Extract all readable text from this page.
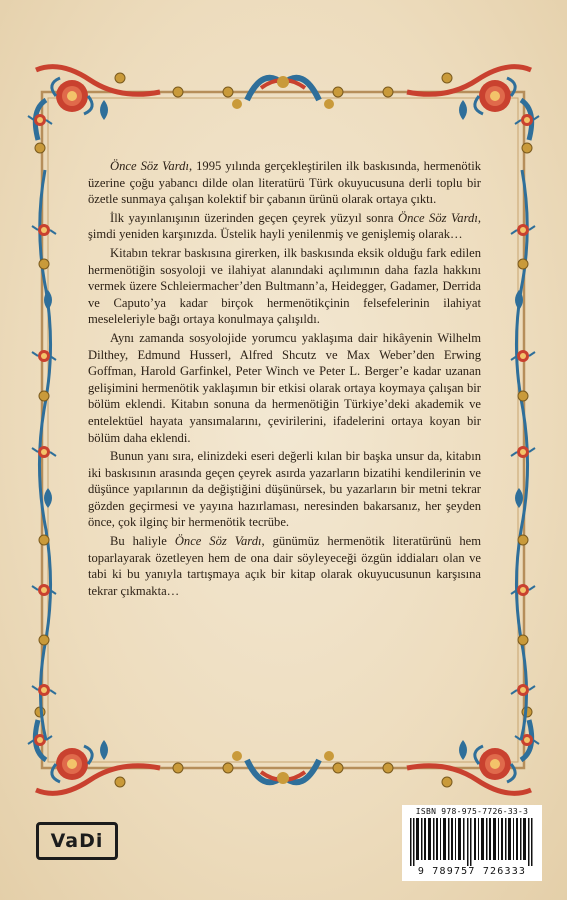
Önce Söz Vardı, 1995 yılında gerçekleştirilen ilk baskısında, hermenötik üzerine çoğu yabancı dilde olan literatürü Türk okuyucusuna derli toplu bir özetle sunmaya çalışan kolektif bir çabanın ürünü olarak ortaya çıktı.

İlk yayınlanışının üzerinden geçen çeyrek yüzyıl sonra Önce Söz Vardı, şimdi yeniden karşınızda. Üstelik hayli yenilenmiş ve genişlemiş olarak…

Kitabın tekrar baskısına girerken, ilk baskısında eksik olduğu fark edilen hermenötiğin sosyoloji ve ilahiyat alanındaki açılımının daha fazla hakkını vermek üzere Schleiermacher’den Bultmann’a, Heidegger, Gadamer, Derrida ve Caputo’ya kadar birçok hermenötikçinin felsefelerinin ilahiyat meseleleriyle bağı ortaya konulmaya çalışıldı.

Aynı zamanda sosyolojide yorumcu yaklaşıma dair hikâyenin Wilhelm Dilthey, Edmund Husserl, Alfred Shcutz ve Max Weber’den Erwing Goffman, Harold Garfinkel, Peter Winch ve Peter L. Berger’e kadar uzanan gelişimini hermenötik yaklaşımın bir etkisi olarak ortaya koymaya çalışan bir bölüm eklendi. Kitabın sonuna da hermenötiğin Türkiye’deki akademik ve entelektüel hayata yansımalarını, çevirilerini, ifadelerini ortaya koyan bir bölüm daha eklendi.

Bunun yanı sıra, elinizdeki eseri değerli kılan bir başka unsur da, kitabın iki baskısının arasında geçen çeyrek asırda yazarların bizatihi kendilerinin ve düşünce yapılarının da değiştiğini düşünürsek, bu yazarların bir metni tekrar gözden geçirmesi ve yayına hazırlaması, neresinden bakarsanız, her şeyden önce, çok ilginç bir hermenötik tecrübe.

Bu haliyle Önce Söz Vardı, günümüz hermenötik literatürünü hem toparlayarak özetleyen hem de ona dair söyleyeceği özgün iddiaları olan ve tabi ki bu yanıyla tartışmaya açık bir kitap olarak okuyucusunun karşısına tekrar çıkmakta…

VaDi
ISBN 978-975-7726-33-3
9 789757 726333
